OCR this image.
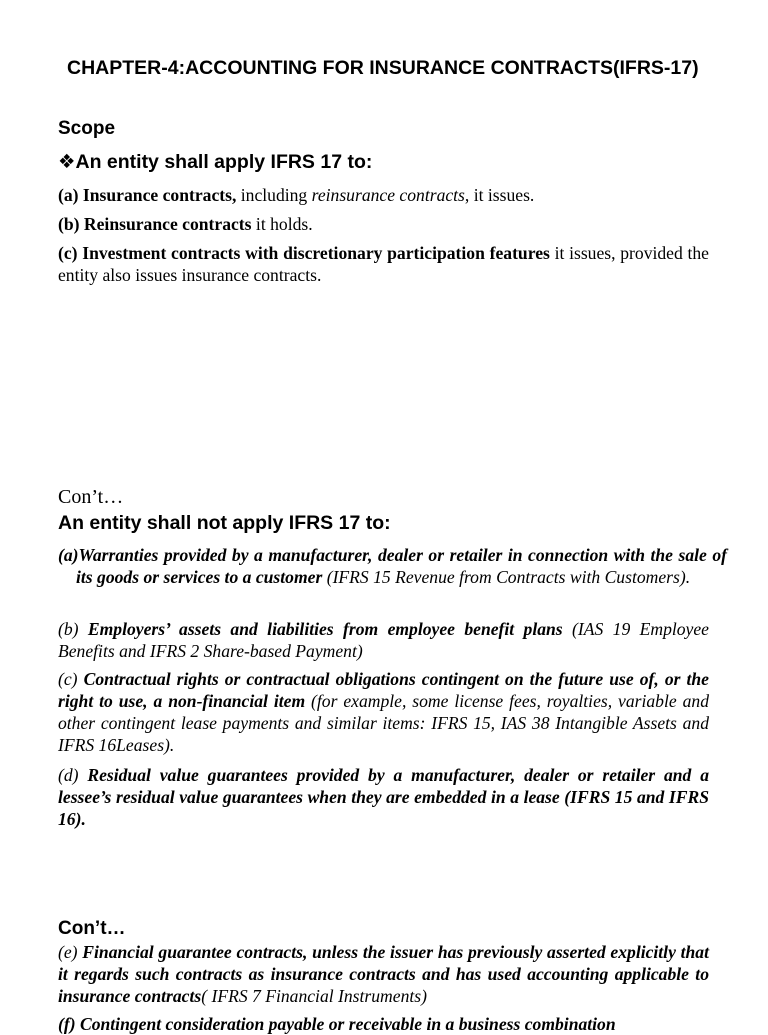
CHAPTER-4:ACCOUNTING FOR INSURANCE CONTRACTS(IFRS-17)
Scope
❖An entity shall apply IFRS 17 to:
(a) Insurance contracts, including reinsurance contracts, it issues.
(b) Reinsurance contracts it holds.
(c) Investment contracts with discretionary participation features it issues, provided the entity also issues insurance contracts.
Con’t…
An entity shall not apply IFRS 17 to:
(a)Warranties provided by a manufacturer, dealer or retailer in connection with the sale of its goods or services to a customer (IFRS 15 Revenue from Contracts with Customers).
(b) Employers’ assets and liabilities from employee benefit plans (IAS 19 Employee Benefits and IFRS 2 Share-based Payment)
(c) Contractual rights or contractual obligations contingent on the future use of, or the right to use, a non-financial item (for example, some license fees, royalties, variable and other contingent lease payments and similar items: IFRS 15, IAS 38 Intangible Assets and IFRS 16Leases).
(d) Residual value guarantees provided by a manufacturer, dealer or retailer and a lessee’s residual value guarantees when they are embedded in a lease (IFRS 15 and IFRS 16).
Con’t…
(e) Financial guarantee contracts, unless the issuer has previously asserted explicitly that it regards such contracts as insurance contracts and has used accounting applicable to insurance contracts( IFRS 7 Financial Instruments)
(f) Contingent consideration payable or receivable in a business combination
